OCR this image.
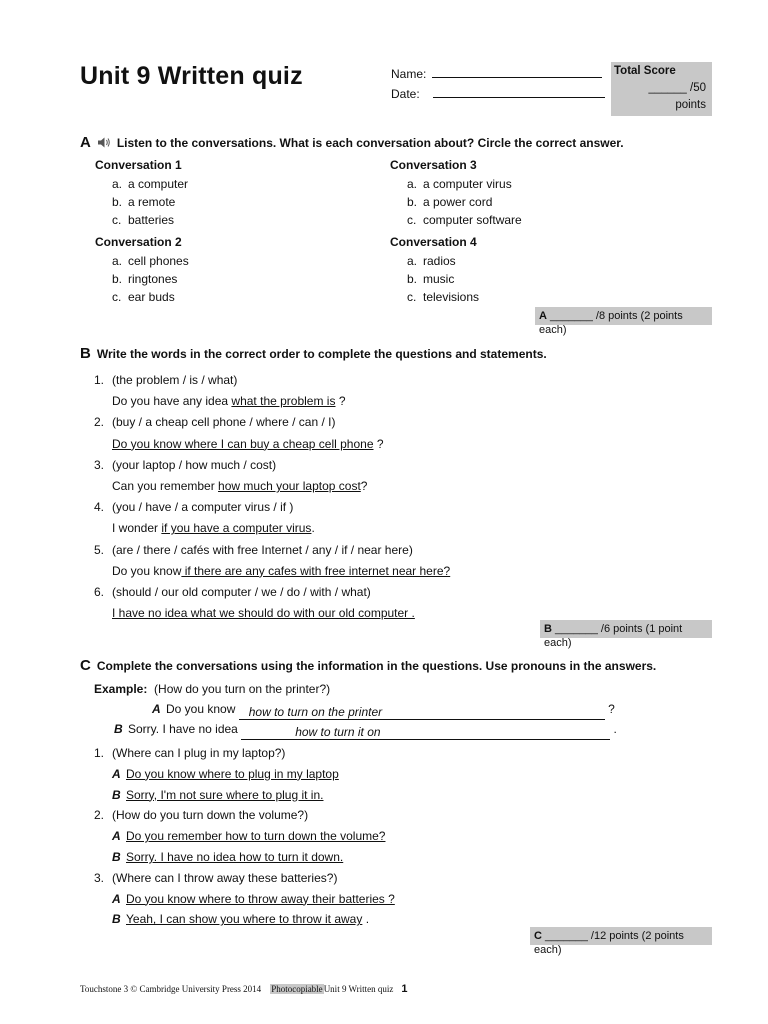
Unit 9 Written quiz	Name:
Date:
Total Score
______ /50
points
A Listen to the conversations. What is each conversation about? Circle the correct answer.
Conversation 1
a. a computer
b. a remote
c. batteries
Conversation 2
a. cell phones
b. ringtones
c. ear buds
Conversation 3
a. a computer virus
b. a power cord
c. computer software
Conversation 4
a. radios
b. music
c. televisions
A _______ /8 points (2 points each)
B Write the words in the correct order to complete the questions and statements.
1. (the problem / is / what)
Do you have any idea what the problem is ?
2. (buy / a cheap cell phone / where / can / I)
Do you know where I can buy a cheap cell phone ?
3. (your laptop / how much / cost)
Can you remember how much your laptop cost?
4. (you / have / a computer virus / if )
I wonder if you have a computer virus.
5. (are / there / cafés with free Internet / any / if / near here)
Do you know if there are any cafes with free internet near here?
6. (should / our old computer / we / do / with / what)
I have no idea what we should do with our old computer .
B _______ /6 points (1 point each)
C Complete the conversations using the information in the questions. Use pronouns in the answers.
Example: (How do you turn on the printer?)
A Do you know how to turn on the printer	?
B Sorry. I have no idea	how to turn it on	.
1. (Where can I plug in my laptop?)
A Do you know where to plug in my laptop
B Sorry, I'm not sure where to plug it in.
2. (How do you turn down the volume?)
A Do you remember how to turn down the volume?
B Sorry. I have no idea how to turn it down.
3. (Where can I throw away these batteries?)
A Do you know where to throw away their batteries ?
B Yeah, I can show you where to throw it away .
C _______ /12 points (2 points each)
Touchstone 3 © Cambridge University Press 2014 PhotocopiableUnit 9 Written quiz 1
